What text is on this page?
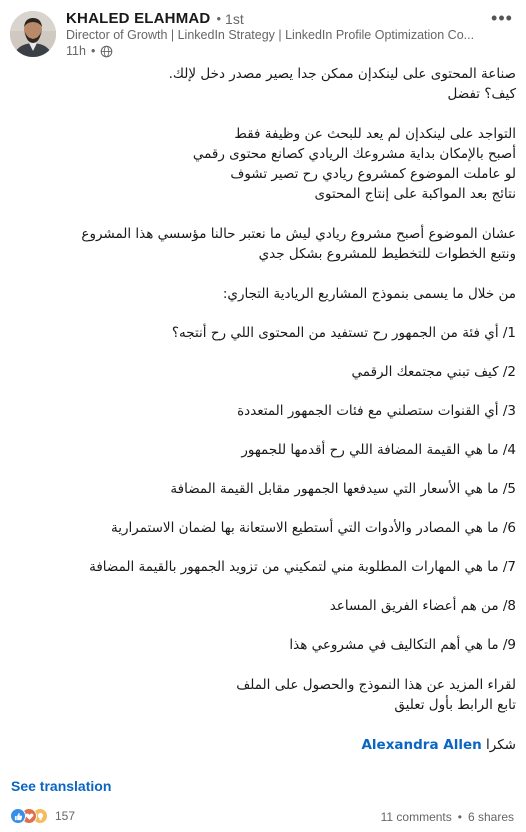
KHALED ELAHMAD • 1st
Director of Growth | LinkedIn Strategy | LinkedIn Profile Optimization Co...
11h •
•••

صناعة المحتوى على لينكدإن ممكن جدا يصير مصدر دخل لإلك.

كيف؟ تفضل

التواجد على لينكدإن لم يعد للبحث عن وظيفة فقط

أصبح بالإمكان بداية مشروعك الريادي كصانع محتوى رقمي

لو عاملت الموضوع كمشروع ريادي رح تصير تشوف

نتائج بعد المواكبة على إنتاج المحتوى

عشان الموضوع أصبح مشروع ريادي ليش ما نعتبر حالنا مؤسسي هذا المشروع

ونتبع الخطوات للتخطيط للمشروع بشكل جدي

من خلال ما يسمى بنموذج المشاريع الريادية التجاري:

1/ أي فئة من الجمهور رح تستفيد من المحتوى اللي رح أنتجه؟

2/ كيف تبني مجتمعك الرقمي

3/ أي القنوات ستصلني مع فئات الجمهور المتعددة

4/ ما هي القيمة المضافة اللي رح أقدمها للجمهور

5/ ما هي الأسعار التي سيدفعها الجمهور مقابل القيمة المضافة

6/ ما هي المصادر والأدوات التي أستطيع الاستعانة بها لضمان الاستمرارية

7/ ما هي المهارات المطلوبة مني لتمكيني من تزويد الجمهور بالقيمة المضافة

8/ من هم أعضاء الفريق المساعد

9/ ما هي أهم التكاليف في مشروعي هذا

لقراء المزيد عن هذا النموذج والحصول على الملف

تابع الرابط بأول تعليق

شكرا Alexandra Allen

See translation
157	11 comments • 6 shares
